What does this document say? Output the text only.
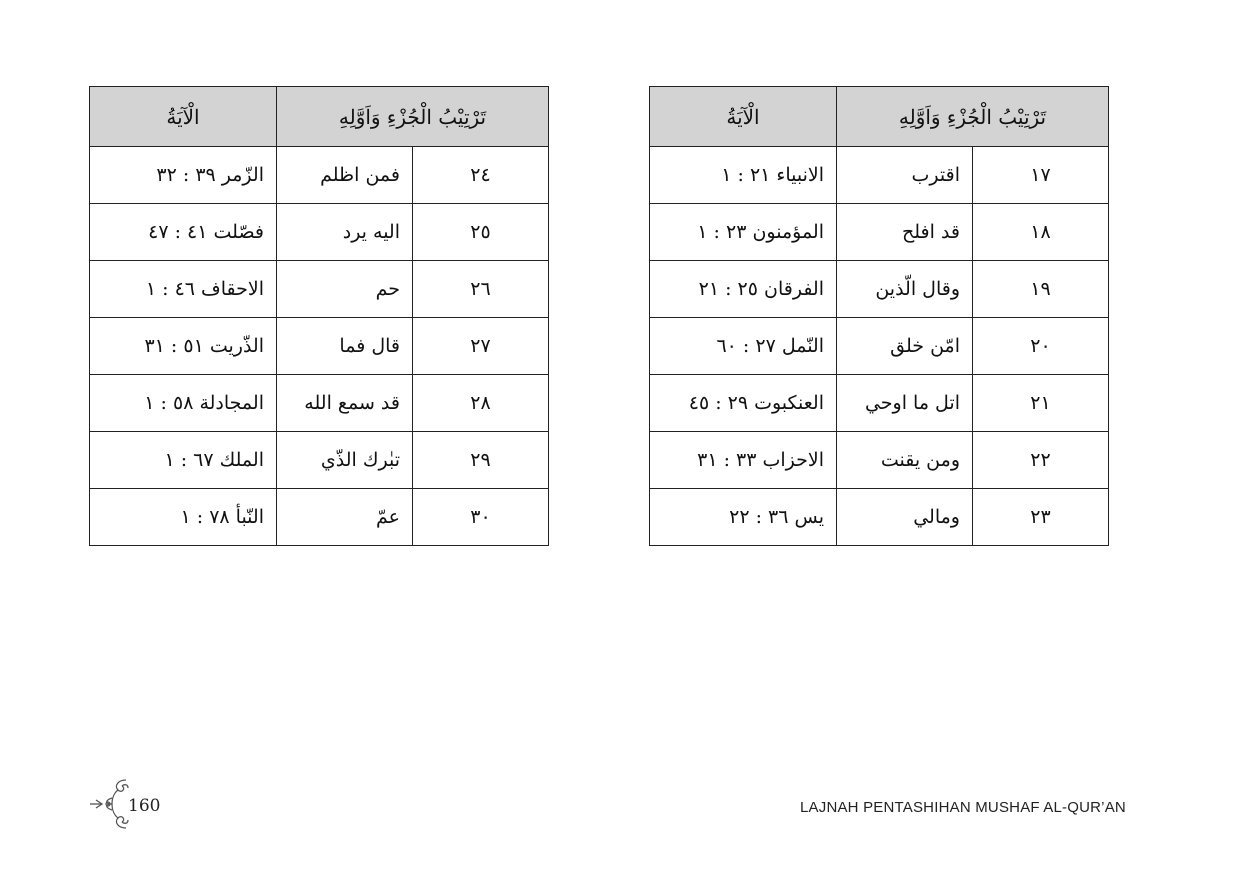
تَرْتِيْبُ الْجُزْءِ وَاَوَّلِهِ		الْآيَةُ
٢٤	فمن اظلم	الزّمر ٣٩ : ٣٢
٢٥	اليه يرد	فصّلت ٤١ : ٤٧
٢٦	حم	الاحقاف ٤٦ : ١
٢٧	قال فما	الذّريت ٥١ : ٣١
٢٨	قد سمع الله	المجادلة ٥٨ : ١
٢٩	تبٰرك الذّي	الملك ٦٧ : ١
٣٠	عمّ	النّبأ ٧٨ : ١
تَرْتِيْبُ الْجُزْءِ وَاَوَّلِهِ		الْآيَةُ
١٧	اقترب	الانبياء ٢١ : ١
١٨	قد افلح	المؤمنون ٢٣ : ١
١٩	وقال الّذين	الفرقان ٢٥ : ٢١
٢٠	امّن خلق	النّمل ٢٧ : ٦٠
٢١	اتل ما اوحي	العنكبوت ٢٩ : ٤٥
٢٢	ومن يقنت	الاحزاب ٣٣ : ٣١
٢٣	ومالي	يس ٣٦ : ٢٢
160	LAJNAH PENTASHIHAN MUSHAF AL-QUR’AN
